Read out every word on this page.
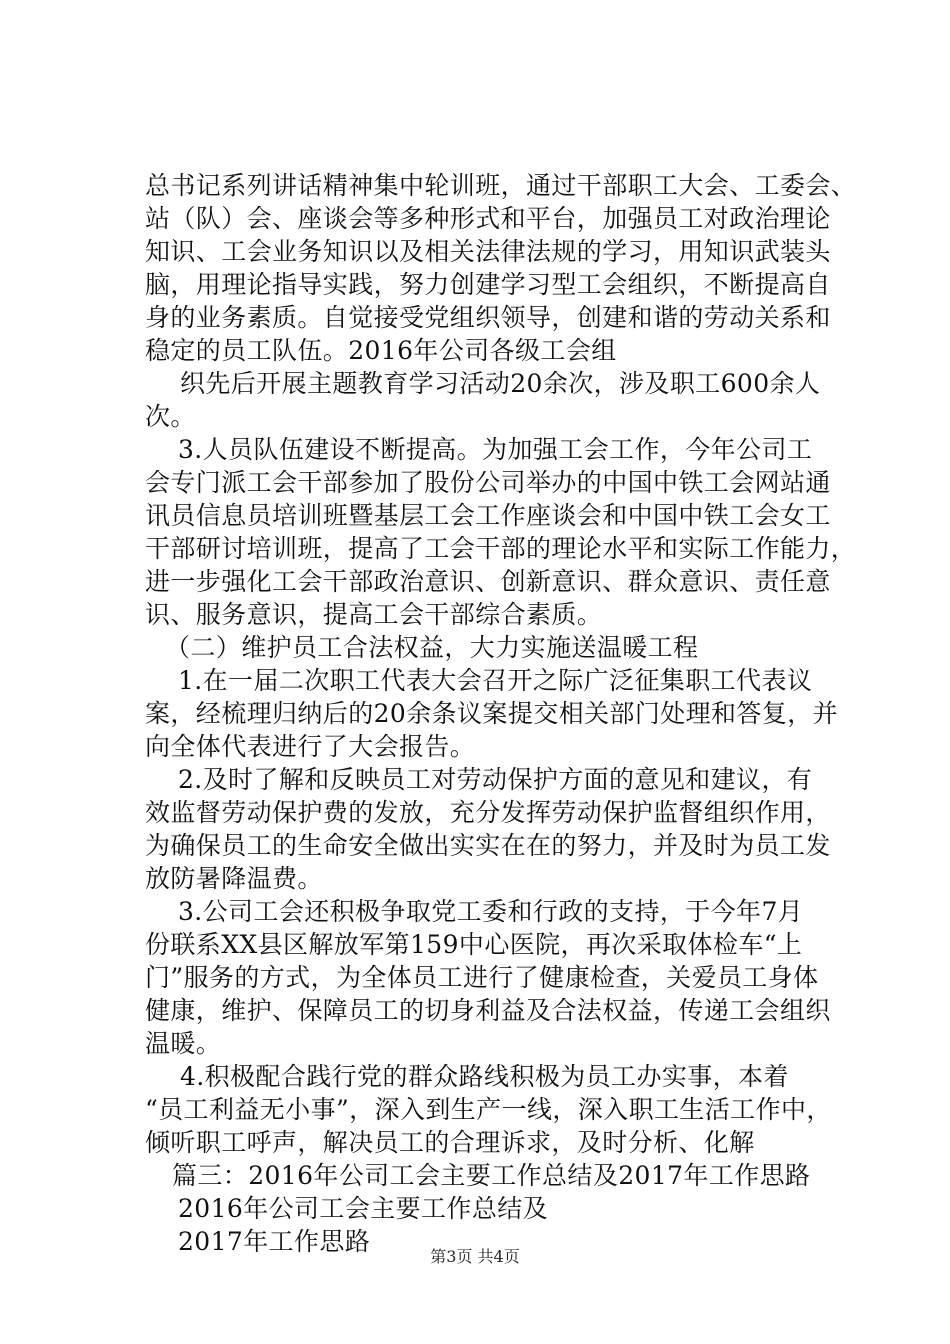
总书记系列讲话精神集中轮训班，通过干部职工大会、工委会、
站（队）会、座谈会等多种形式和平台，加强员工对政治理论
知识、工会业务知识以及相关法律法规的学习，用知识武装头
脑，用理论指导实践，努力创建学习型工会组织，不断提高自
身的业务素质。自觉接受党组织领导，创建和谐的劳动关系和
稳定的员工队伍。2016年公司各级工会组
织先后开展主题教育学习活动20余次，涉及职工600余人
次。
3.人员队伍建设不断提高。为加强工会工作，今年公司工
会专门派工会干部参加了股份公司举办的中国中铁工会网站通
讯员信息员培训班暨基层工会工作座谈会和中国中铁工会女工
干部研讨培训班，提高了工会干部的理论水平和实际工作能力，
进一步强化工会干部政治意识、创新意识、群众意识、责任意
识、服务意识，提高工会干部综合素质。
（二）维护员工合法权益，大力实施送温暖工程
1.在一届二次职工代表大会召开之际广泛征集职工代表议
案，经梳理归纳后的20余条议案提交相关部门处理和答复，并
向全体代表进行了大会报告。
2.及时了解和反映员工对劳动保护方面的意见和建议，有
效监督劳动保护费的发放，充分发挥劳动保护监督组织作用，
为确保员工的生命安全做出实实在在的努力，并及时为员工发
放防暑降温费。
3.公司工会还积极争取党工委和行政的支持，于今年7月
份联系XX县区解放军第159中心医院，再次采取体检车“上
门”服务的方式，为全体员工进行了健康检查，关爱员工身体
健康，维护、保障员工的切身利益及合法权益，传递工会组织
温暖。
4.积极配合践行党的群众路线积极为员工办实事，本着
“员工利益无小事”，深入到生产一线，深入职工生活工作中，
倾听职工呼声，解决员工的合理诉求，及时分析、化解
篇三：2016年公司工会主要工作总结及2017年工作思路
2016年公司工会主要工作总结及
2017年工作思路
第3页 共4页
